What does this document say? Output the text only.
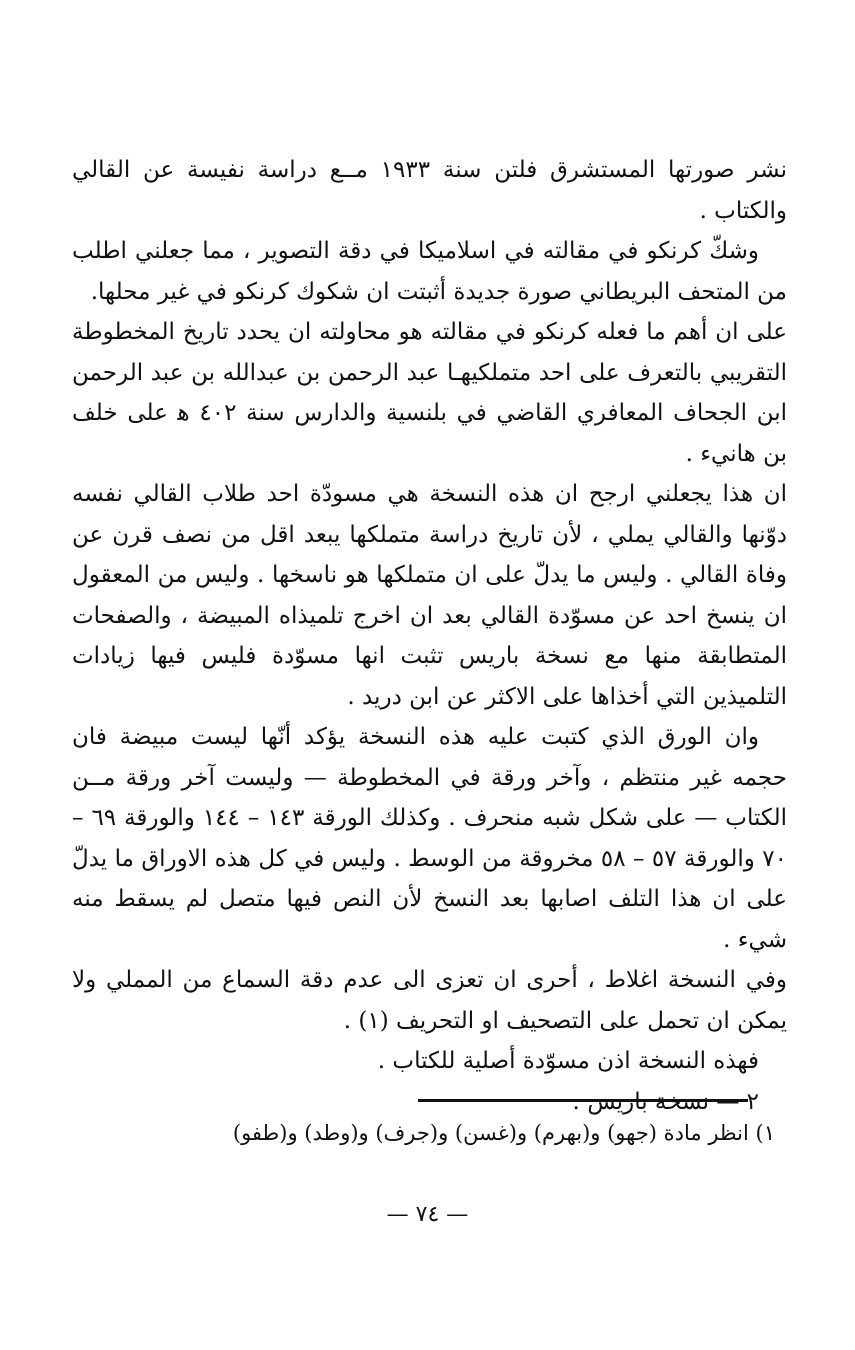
نشر صورتها المستشرق فلتن سنة ١٩٣٣ مــع دراسة نفيسة عن القالي والكتاب .

وشكّ كرنكو في مقالته في اسلاميكا في دقة التصوير ، مما جعلني اطلب من المتحف البريطاني صورة جديدة أثبتت ان شكوك كرنكو في غير محلها.

على ان أهم ما فعله كرنكو في مقالته هو محاولته ان يحدد تاريخ المخطوطة التقريبي بالتعرف على احد متملكيهـا عبد الرحمن بن عبدالله بن عبد الرحمن ابن الجحاف المعافري القاضي في بلنسية والدارس سنة ٤٠٢ ﻫ على خلف بن هانيء .

ان هذا يجعلني ارجح ان هذه النسخة هي مسودّة احد طلاب القالي نفسه دوّنها والقالي يملي ، لأن تاريخ دراسة متملكها يبعد اقل من نصف قرن عن وفاة القالي . وليس ما يدلّ على ان متملكها هو ناسخها . وليس من المعقول ان ينسخ احد عن مسوّدة القالي بعد ان اخرج تلميذاه المبيضة ، والصفحات المتطابقة منها مع نسخة باريس تثبت انها مسوّدة فليس فيها زيادات التلميذين التي أخذاها على الاكثر عن ابن دريد .

وان الورق الذي كتبت عليه هذه النسخة يؤكد أنّها ليست مبيضة فان حجمه غير منتظم ، وآخر ورقة في المخطوطة — وليست آخر ورقة مــن الكتاب — على شكل شبه منحرف . وكذلك الورقة ١٤٣ – ١٤٤ والورقة ٦٩ – ٧٠ والورقة ٥٧ – ٥٨ مخروقة من الوسط . وليس في كل هذه الاوراق ما يدلّ على ان هذا التلف اصابها بعد النسخ لأن النص فيها متصل لم يسقط منه شيء .

وفي النسخة اغلاط ، أحرى ان تعزى الى عدم دقة السماع من المملي ولا يمكن ان تحمل على التصحيف او التحريف (١) .

فهذه النسخة اذن مسوّدة أصلية للكتاب .

٢ — نسخة باريس :

١) انظر مادة (جهو) و(بهرم) و(غسن) و(جرف) و(وطد) و(طفو)
— ٧٤ —
